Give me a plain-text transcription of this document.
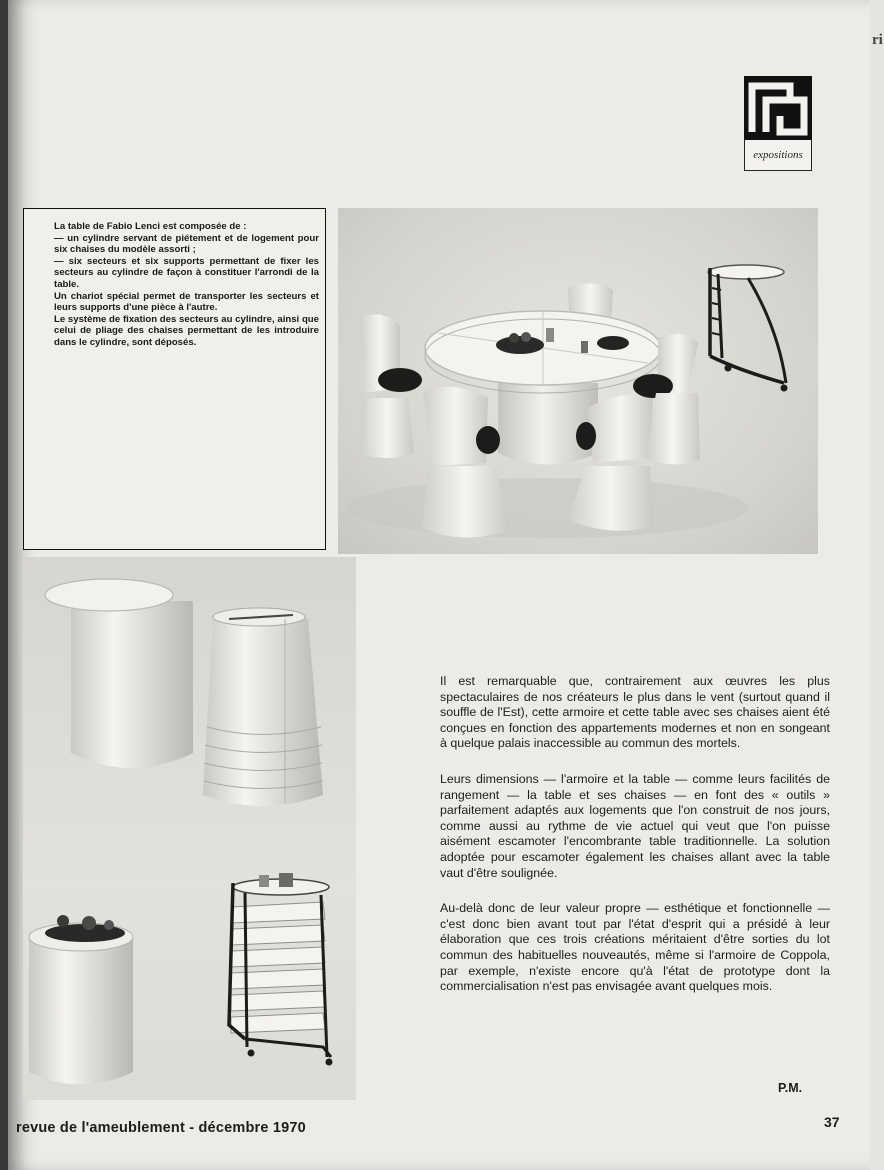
expositions
La table de Fabio Lenci est composée de :
— un cylindre servant de piétement et de logement pour six chaises du modèle assorti ;
— six secteurs et six supports permettant de fixer les secteurs au cylindre de façon à constituer l'arrondi de la table.
Un chariot spécial permet de transporter les secteurs et leurs supports d'une pièce à l'autre.
Le système de fixation des secteurs au cylindre, ainsi que celui de pliage des chaises permettant de les introduire dans le cylindre, sont déposés.

Il est remarquable que, contrairement aux œuvres les plus spectaculaires de nos créateurs le plus dans le vent (surtout quand il souffle de l'Est), cette armoire et cette table avec ses chaises aient été conçues en fonction des appartements modernes et non en songeant à quelque palais inaccessible au commun des mortels.

Leurs dimensions — l'armoire et la table — comme leurs facilités de rangement — la table et ses chaises — en font des « outils » parfaitement adaptés aux logements que l'on construit de nos jours, comme aussi au rythme de vie actuel qui veut que l'on puisse aisément escamoter l'encombrante table traditionnelle. La solution adoptée pour escamoter également les chaises allant avec la table vaut d'être soulignée.

Au-delà donc de leur valeur propre — esthétique et fonctionnelle — c'est donc bien avant tout par l'état d'esprit qui a présidé à leur élaboration que ces trois créations méritaient d'être sorties du lot commun des habituelles nouveautés, même si l'armoire de Coppola, par exemple, n'existe encore qu'à l'état de prototype dont la commercialisation n'est pas envisagée avant quelques mois.

P.M.
revue de l'ameublement - décembre 1970	37
ri
